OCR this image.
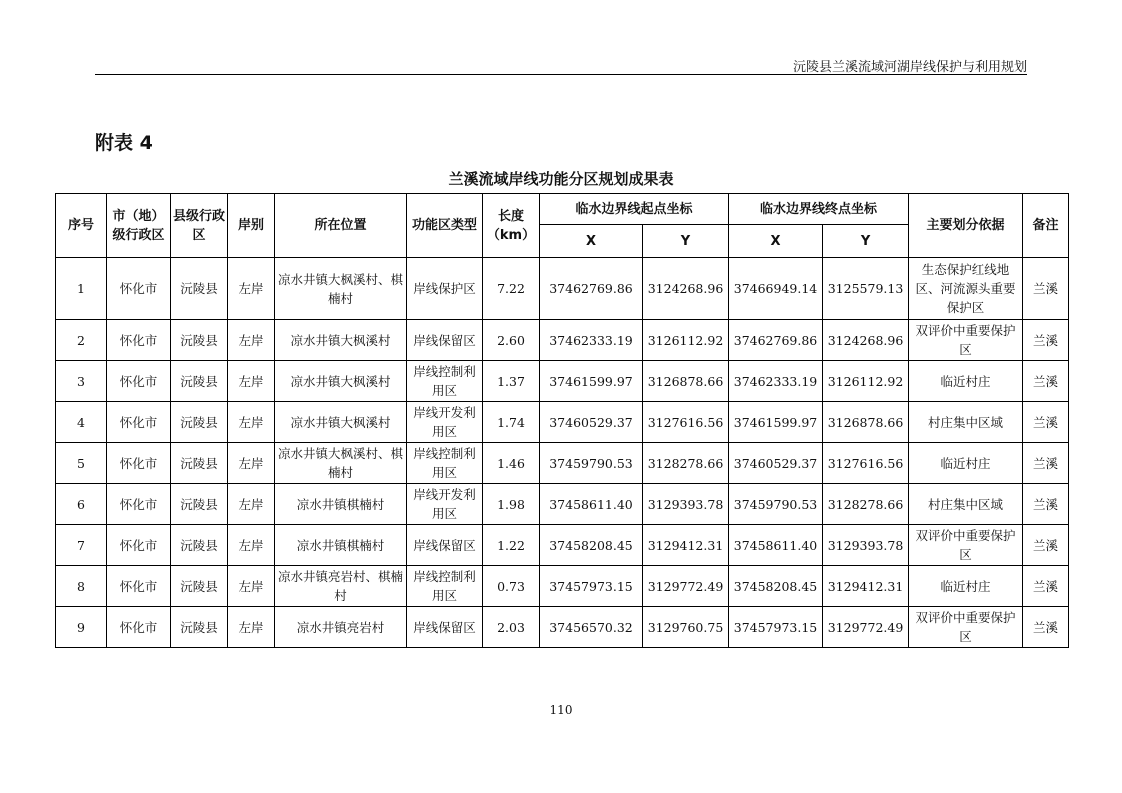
沅陵县兰溪流域河湖岸线保护与利用规划
附表 4
兰溪流域岸线功能分区规划成果表
序号	市（地）级行政区	县级行政区	岸别	所在位置	功能区类型	长度（km）	临水边界线起点坐标		临水边界线终点坐标		主要划分依据	备注
							X	Y	X	Y		
1	怀化市	沅陵县	左岸	凉水井镇大枫溪村、棋楠村	岸线保护区	7.22	37462769.86	3124268.96	37466949.14	3125579.13	生态保护红线地区、河流源头重要保护区	兰溪
2	怀化市	沅陵县	左岸	凉水井镇大枫溪村	岸线保留区	2.60	37462333.19	3126112.92	37462769.86	3124268.96	双评价中重要保护区	兰溪
3	怀化市	沅陵县	左岸	凉水井镇大枫溪村	岸线控制利用区	1.37	37461599.97	3126878.66	37462333.19	3126112.92	临近村庄	兰溪
4	怀化市	沅陵县	左岸	凉水井镇大枫溪村	岸线开发利用区	1.74	37460529.37	3127616.56	37461599.97	3126878.66	村庄集中区域	兰溪
5	怀化市	沅陵县	左岸	凉水井镇大枫溪村、棋楠村	岸线控制利用区	1.46	37459790.53	3128278.66	37460529.37	3127616.56	临近村庄	兰溪
6	怀化市	沅陵县	左岸	凉水井镇棋楠村	岸线开发利用区	1.98	37458611.40	3129393.78	37459790.53	3128278.66	村庄集中区域	兰溪
7	怀化市	沅陵县	左岸	凉水井镇棋楠村	岸线保留区	1.22	37458208.45	3129412.31	37458611.40	3129393.78	双评价中重要保护区	兰溪
8	怀化市	沅陵县	左岸	凉水井镇亮岩村、棋楠村	岸线控制利用区	0.73	37457973.15	3129772.49	37458208.45	3129412.31	临近村庄	兰溪
9	怀化市	沅陵县	左岸	凉水井镇亮岩村	岸线保留区	2.03	37456570.32	3129760.75	37457973.15	3129772.49	双评价中重要保护区	兰溪
110
